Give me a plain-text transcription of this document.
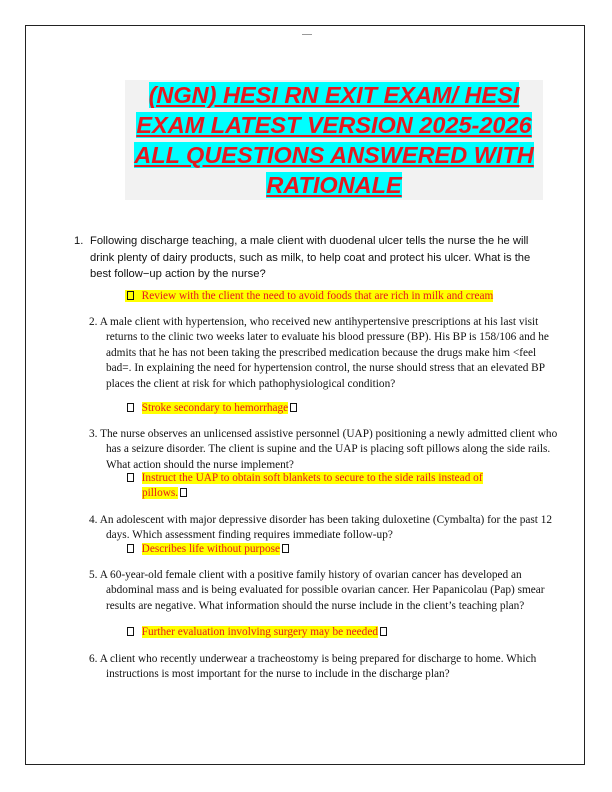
(NGN) HESI RN EXIT EXAM/ HESI
EXAM LATEST VERSION 2025-2026
ALL QUESTIONS ANSWERED WITH
RATIONALE
1. Following discharge teaching, a male client with duodenal ulcer tells the nurse the he will drink plenty of dairy products, such as milk, to help coat and protect his ulcer. What is the best follow−up action by the nurse?
Review with the client the need to avoid foods that are rich in milk and cream
2. A male client with hypertension, who received new antihypertensive prescriptions at his last visit returns to the clinic two weeks later to evaluate his blood pressure (BP). His BP is 158/106 and he admits that he has not been taking the prescribed medication because the drugs make him <feel bad=. In explaining the need for hypertension control, the nurse should stress that an elevated BP places the client at risk for which pathophysiological condition?
Stroke secondary to hemorrhage
3. The nurse observes an unlicensed assistive personnel (UAP) positioning a newly admitted client who has a seizure disorder. The client is supine and the UAP is placing soft pillows along the side rails. What action should the nurse implement?
Instruct the UAP to obtain soft blankets to secure to the side rails instead of
pillows.
4. An adolescent with major depressive disorder has been taking duloxetine (Cymbalta) for the past 12 days. Which assessment finding requires immediate follow-up?
Describes life without purpose
5. A 60-year-old female client with a positive family history of ovarian cancer has developed an abdominal mass and is being evaluated for possible ovarian cancer. Her Papanicolau (Pap) smear results are negative. What information should the nurse include in the client’s teaching plan?
Further evaluation involving surgery may be needed
6. A client who recently underwear a tracheostomy is being prepared for discharge to home. Which instructions is most important for the nurse to include in the discharge plan?
